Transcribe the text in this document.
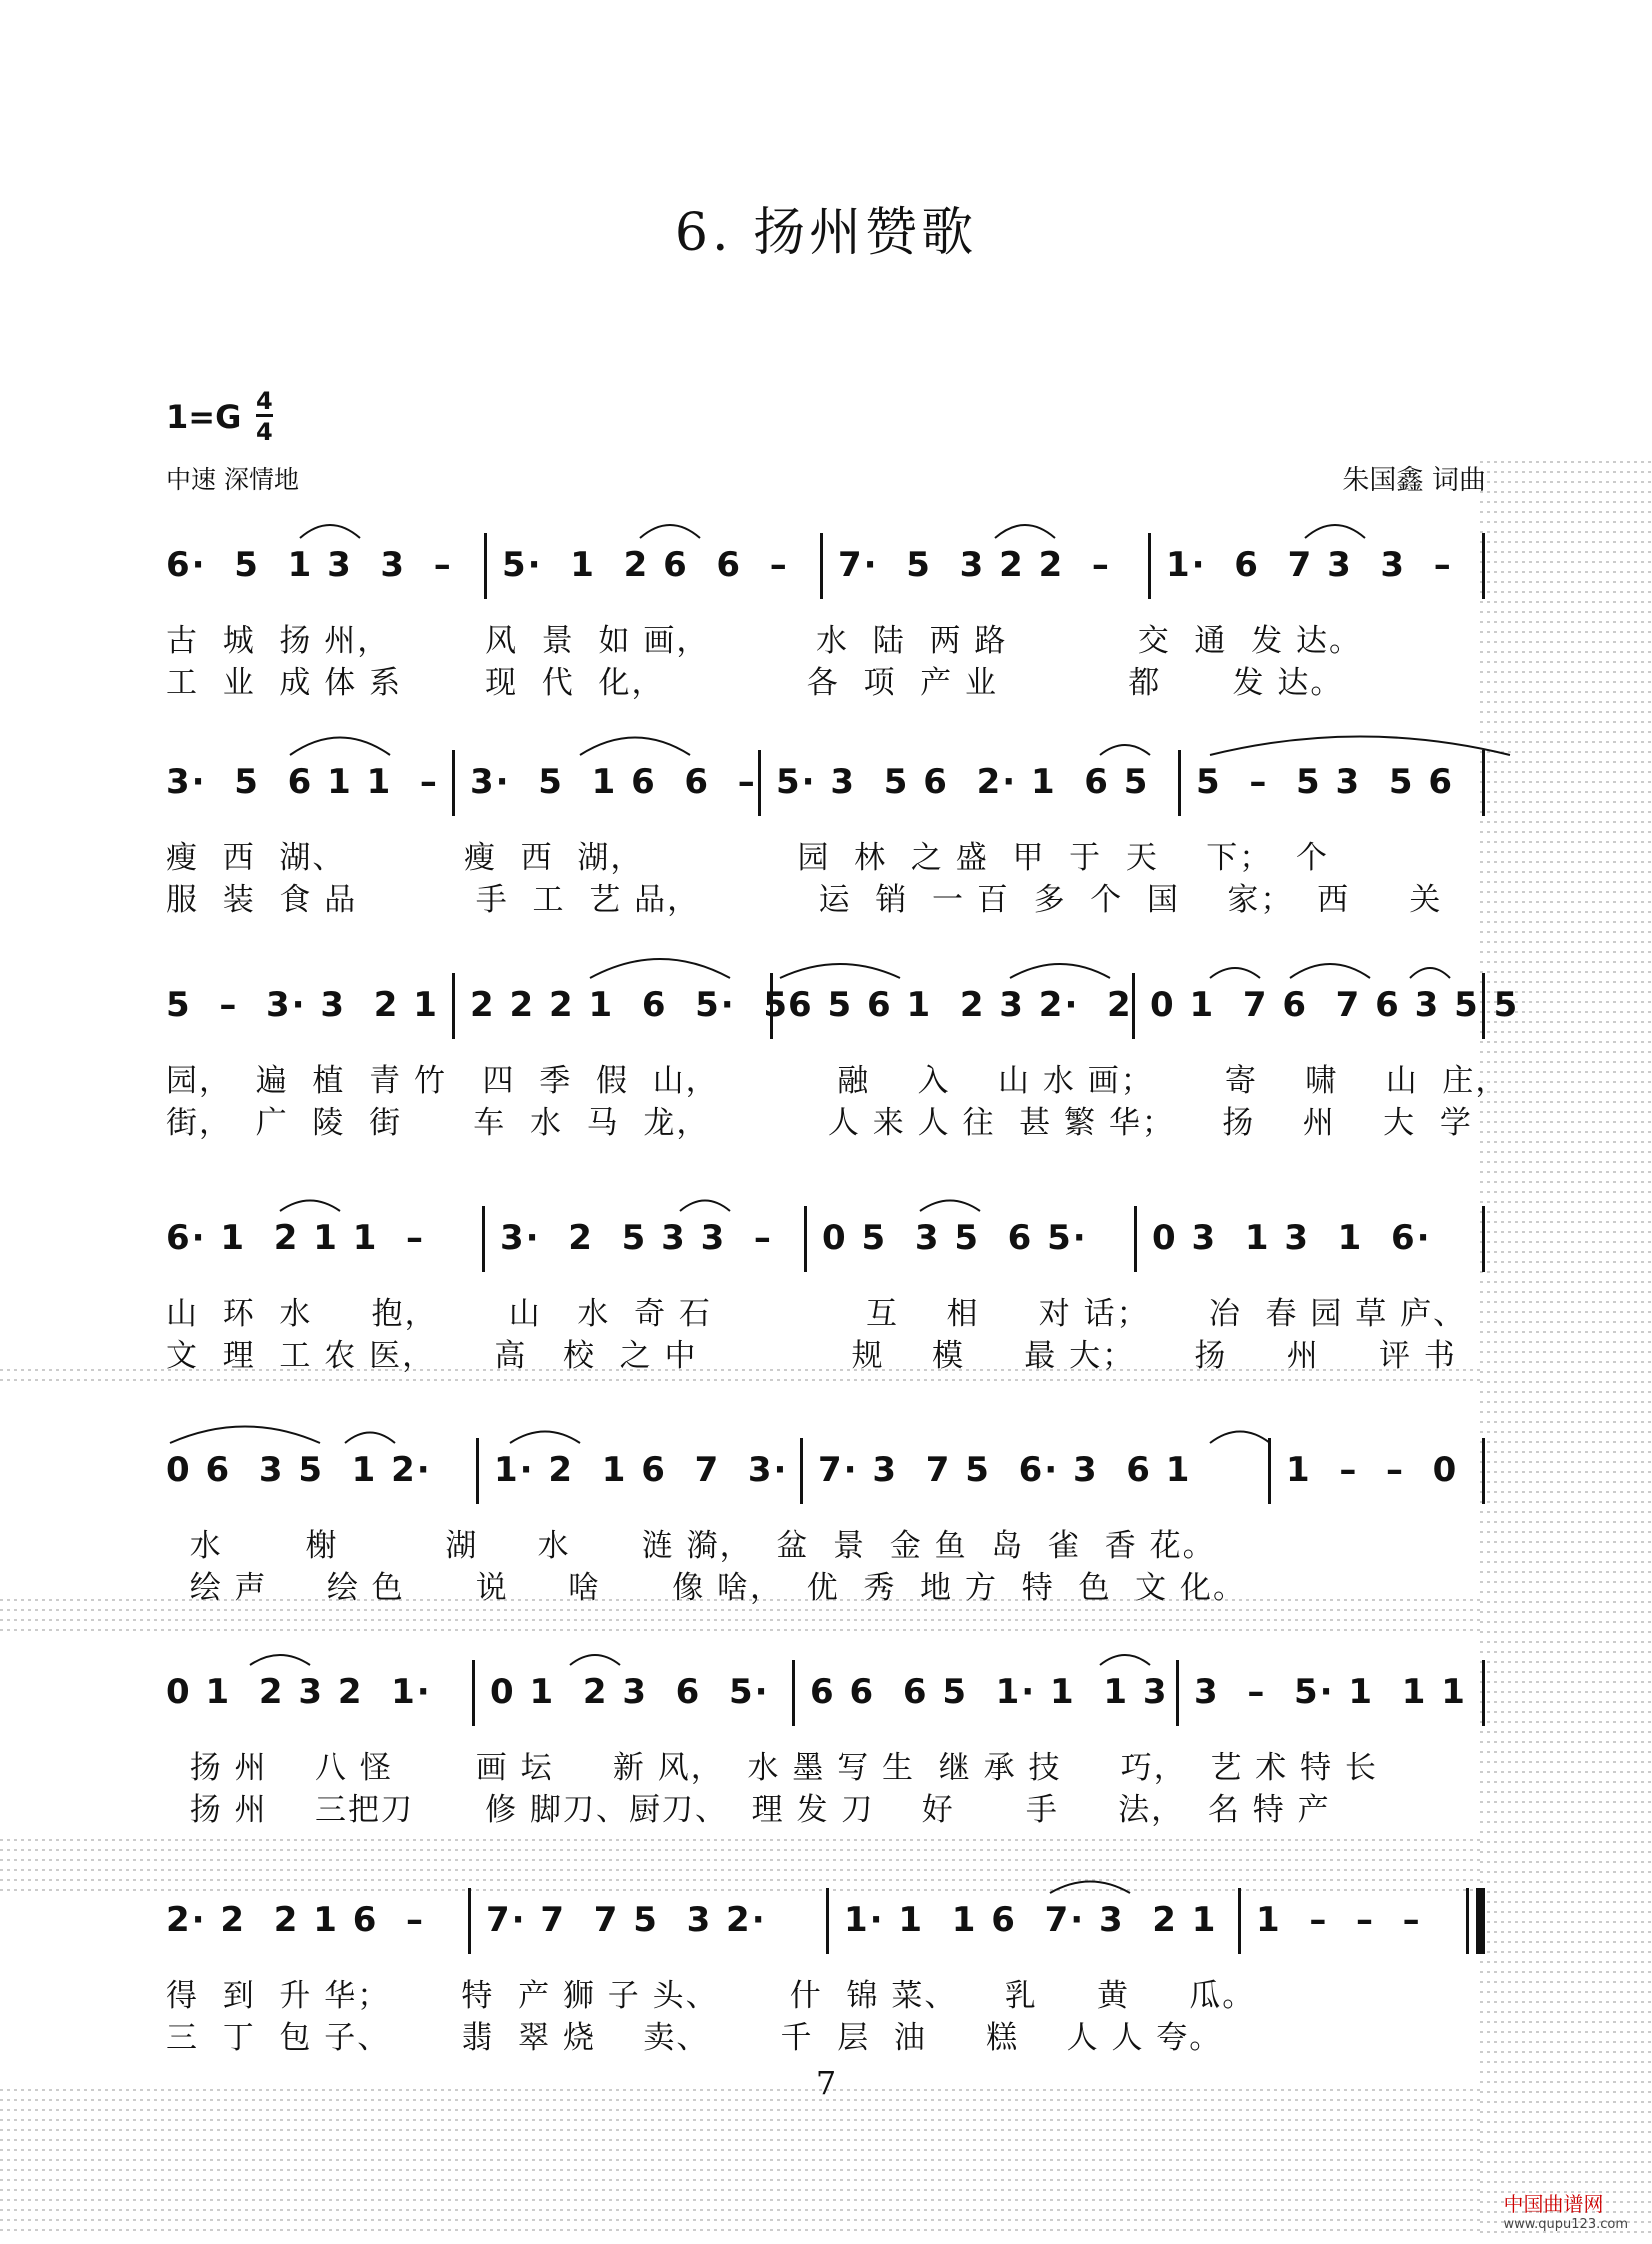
6. 扬州赞歌
1=G 4
4
中速 深情地	朱国鑫 词曲
6·  5  1 3  3  – 5·  1  2 6  6  – 7·  5  3 2 2  – 1·  6  7 3  3  –
古  城  扬 州，        风  景  如 画，         水  陆  两 路           交  通  发 达。
工  业  成 体 系       现  代  化，            各  项  产 业           都      发 达。
3·  5  6 1 1  – 3·  5  1 6  6  – 5· 3  5 6  2· 1  6 5 5  –  5 3  5 6
瘦  西  湖、          瘦  西  湖，             园  林  之 盛  甲  于  天    下；  个
服  装  食 品          手  工  艺 品，          运  销  一 百  多  个  国    家；  西     关
5  –  3· 3  2 1 2 2 2 1  6  5·  5
6 5 6 1  2 3 2·  2 0 1  7 6  7 6 3 5 5
园，  遍  植  青 竹   四  季  假  山，          融    入    山 水 画；      寄    啸    山  庄，
街，  广  陵  街      车  水  马  龙，          人 来 人 往  甚 繁 华；    扬    州    大  学
6· 1  2 1 1  – 3·  2  5 3 3  – 0 5  3 5  6 5· 0 3  1 3  1  6·
山  环  水     抱，      山   水  奇 石             互    相     对 话；     冶  春 园 草 庐、
文  理  工 农 医，     高   校  之 中             规    模     最 大；     扬     州     评 书
0 6  3 5  1 2· 1· 2  1 6  7  3· 7· 3  7 5  6· 3  6 1	1  –  –  0
水       榭         湖     水      涟 漪，  盆  景  金 鱼  岛  雀  香 花。
绘 声     绘 色      说     啥      像 啥，  优  秀  地 方  特  色  文 化。
0 1  2 3 2  1· 0 1  2 3  6  5· 6 6  6 5  1· 1  1 3 3  –  5· 1  1 1
扬 州    八 怪       画 坛     新 风，  水 墨 写 生  继 承 技     巧，  艺 术 特 长
扬 州    三把刀      修 脚刀、厨刀、  理 发 刀    好      手     法，  名 特 产
2· 2  2 1 6  – 7· 7  7 5  3 2· 1· 1  1 6  7· 3  2 1 1  –  –  –
得  到  升 华；      特  产 狮 子 头、      什  锦 菜、    乳     黄     瓜。
三  丁  包 子、      翡  翠 烧    卖、      千  层  油     糕    人 人 夸。
7
中国曲谱网
www.qupu123.com
